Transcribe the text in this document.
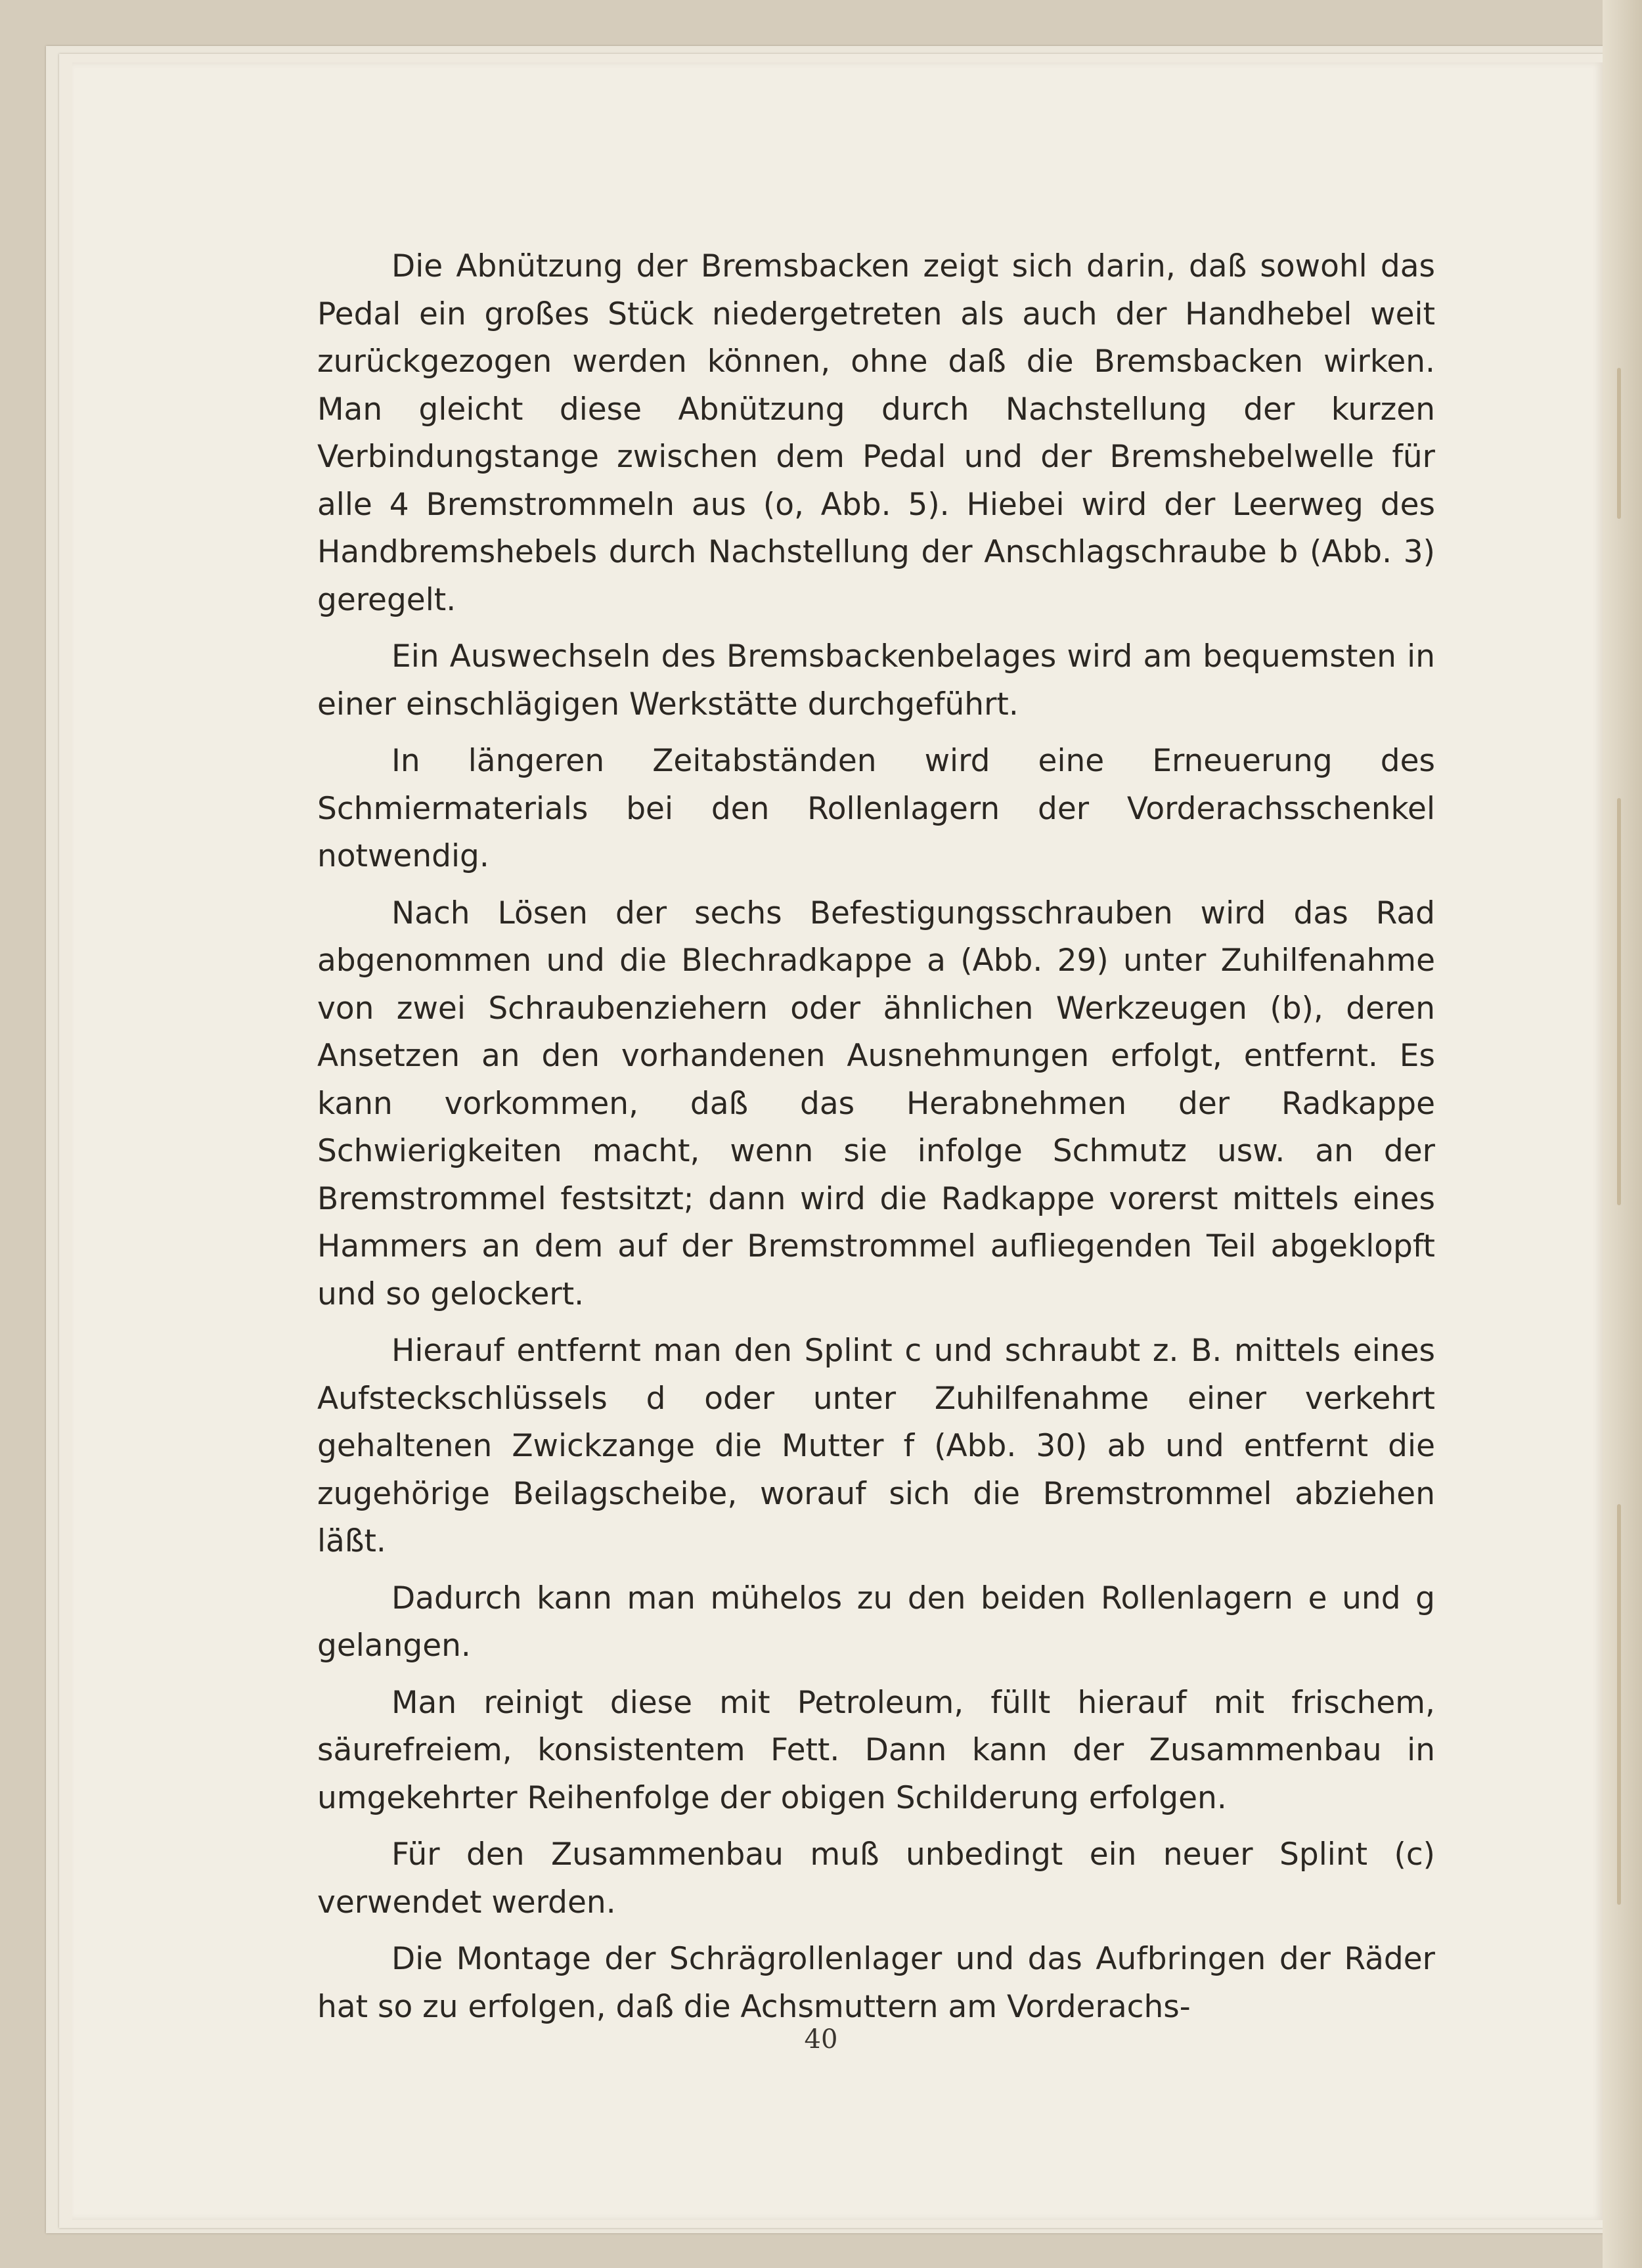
Die Abnützung der Bremsbacken zeigt sich darin, daß sowohl das Pedal ein großes Stück niedergetreten als auch der Handhebel weit zurückgezogen werden können, ohne daß die Bremsbacken wirken. Man gleicht diese Abnützung durch Nachstellung der kurzen Verbindungstange zwischen dem Pedal und der Bremshebelwelle für alle 4 Bremstrommeln aus (o, Abb. 5). Hiebei wird der Leerweg des Handbremshebels durch Nachstellung der Anschlagschraube b (Abb. 3) geregelt.

Ein Auswechseln des Bremsbackenbelages wird am bequemsten in einer einschlägigen Werkstätte durchgeführt.

In längeren Zeitabständen wird eine Erneuerung des Schmiermaterials bei den Rollenlagern der Vorderachsschenkel notwendig.

Nach Lösen der sechs Befestigungsschrauben wird das Rad abgenommen und die Blechradkappe a (Abb. 29) unter Zuhilfenahme von zwei Schraubenziehern oder ähnlichen Werkzeugen (b), deren Ansetzen an den vorhandenen Ausnehmungen erfolgt, entfernt. Es kann vorkommen, daß das Herabnehmen der Radkappe Schwierigkeiten macht, wenn sie infolge Schmutz usw. an der Bremstrommel festsitzt; dann wird die Radkappe vorerst mittels eines Hammers an dem auf der Bremstrommel aufliegenden Teil abgeklopft und so gelockert.

Hierauf entfernt man den Splint c und schraubt z. B. mittels eines Aufsteckschlüssels d oder unter Zuhilfenahme einer verkehrt gehaltenen Zwickzange die Mutter f (Abb. 30) ab und entfernt die zugehörige Beilagscheibe, worauf sich die Bremstrommel abziehen läßt.

Dadurch kann man mühelos zu den beiden Rollenlagern e und g gelangen.

Man reinigt diese mit Petroleum, füllt hierauf mit frischem, säurefreiem, konsistentem Fett. Dann kann der Zusammenbau in umgekehrter Reihenfolge der obigen Schilderung erfolgen.

Für den Zusammenbau muß unbedingt ein neuer Splint (c) verwendet werden.

Die Montage der Schrägrollenlager und das Aufbringen der Räder hat so zu erfolgen, daß die Achsmuttern am Vorderachs-

40
